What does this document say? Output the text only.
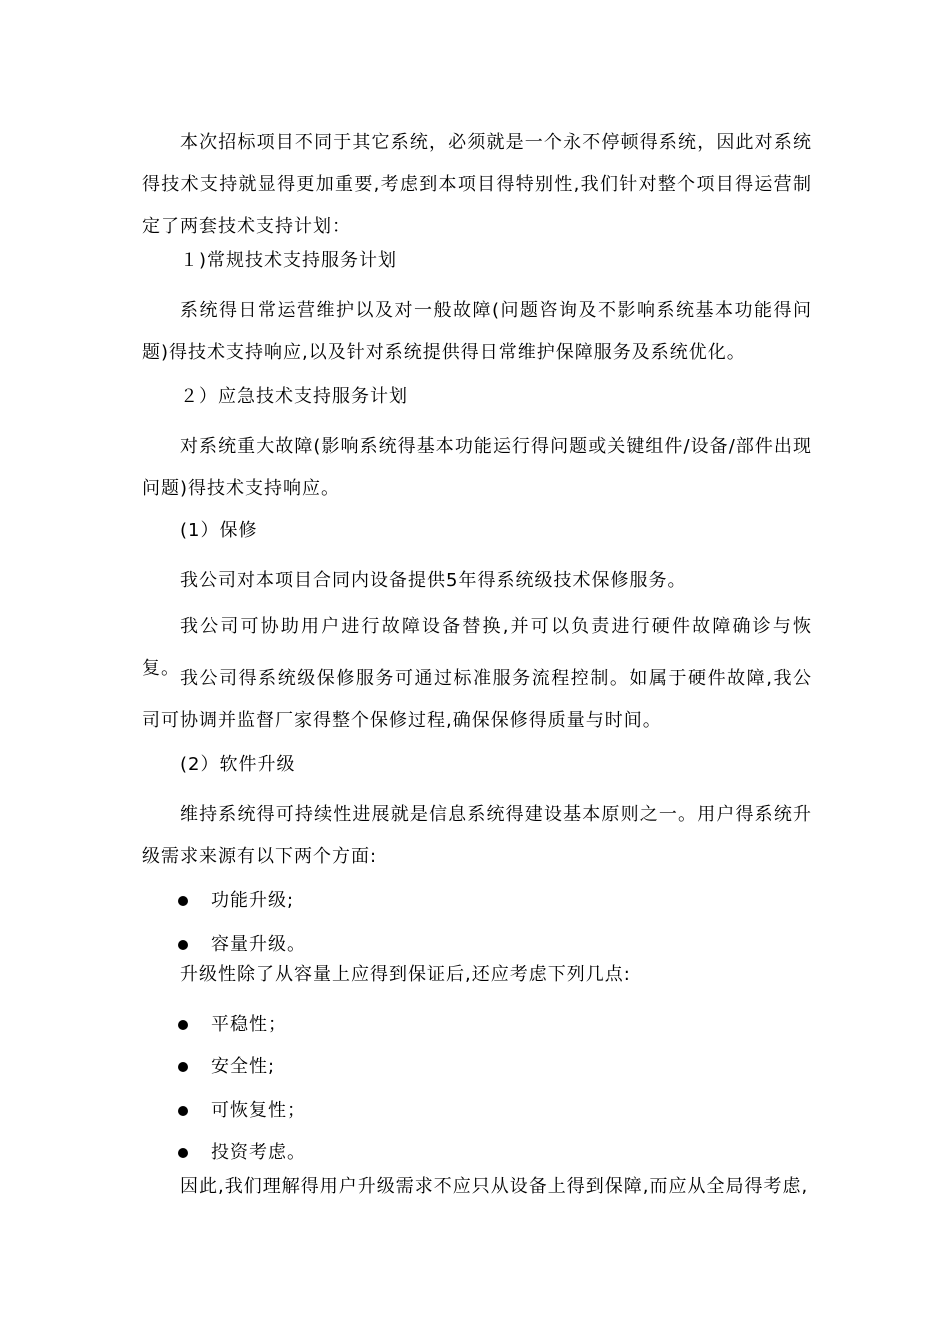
本次招标项目不同于其它系统，必须就是一个永不停顿得系统，因此对系统得技术支持就显得更加重要,考虑到本项目得特别性,我们针对整个项目得运营制定了两套技术支持计划：

１)常规技术支持服务计划

系统得日常运营维护以及对一般故障(问题咨询及不影响系统基本功能得问题)得技术支持响应,以及针对系统提供得日常维护保障服务及系统优化。

２）应急技术支持服务计划

对系统重大故障(影响系统得基本功能运行得问题或关键组件/设备/部件出现问题)得技术支持响应。

(1）保修

我公司对本项目合同内设备提供5年得系统级技术保修服务。

我公司可协助用户进行故障设备替换,并可以负责进行硬件故障确诊与恢复。 我公司得系统级保修服务可通过标准服务流程控制。如属于硬件故障,我公司可协调并监督厂家得整个保修过程,确保保修得质量与时间。

(2）软件升级

维持系统得可持续性进展就是信息系统得建设基本原则之一。用户得系统升级需求来源有以下两个方面:

功能升级;
容量升级。

升级性除了从容量上应得到保证后,还应考虑下列几点:

平稳性；
安全性;
可恢复性；
投资考虑。

因此,我们理解得用户升级需求不应只从设备上得到保障,而应从全局得考虑,
